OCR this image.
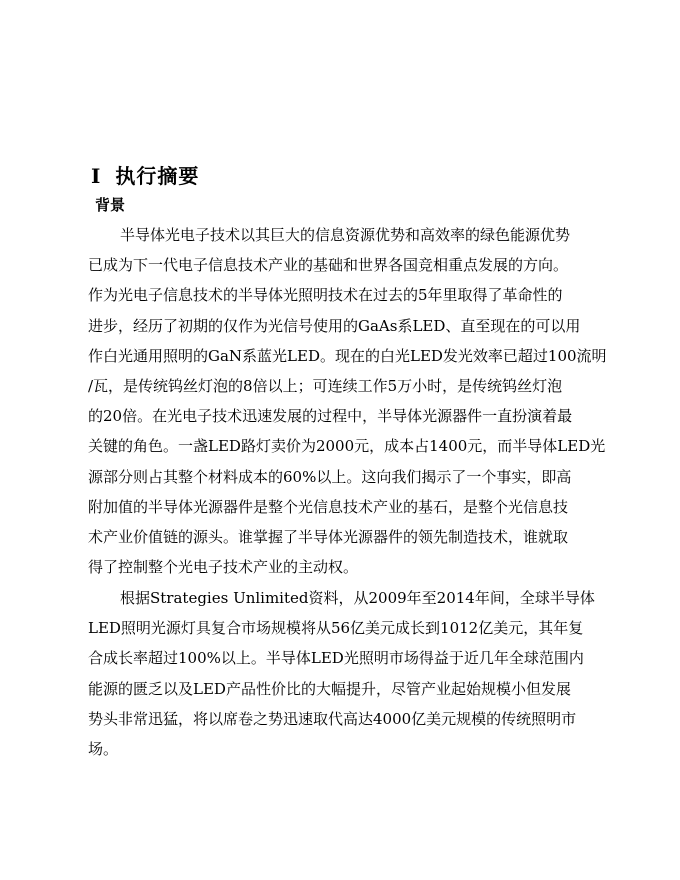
I 执行摘要
背景

半导体光电子技术以其巨大的信息资源优势和高效率的绿色能源优势
已成为下一代电子信息技术产业的基础和世界各国竞相重点发展的方向。
作为光电子信息技术的半导体光照明技术在过去的5年里取得了革命性的
进步，经历了初期的仅作为光信号使用的GaAs系LED、直至现在的可以用
作白光通用照明的GaN系蓝光LED。现在的白光LED发光效率已超过100流明
/瓦，是传统钨丝灯泡的8倍以上；可连续工作5万小时，是传统钨丝灯泡
的20倍。在光电子技术迅速发展的过程中，半导体光源器件一直扮演着最
关键的角色。一盏LED路灯卖价为2000元，成本占1400元，而半导体LED光
源部分则占其整个材料成本的60%以上。这向我们揭示了一个事实，即高
附加值的半导体光源器件是整个光信息技术产业的基石，是整个光信息技
术产业价值链的源头。谁掌握了半导体光源器件的领先制造技术，谁就取
得了控制整个光电子技术产业的主动权。

根据Strategies Unlimited资料，从2009年至2014年间，全球半导体
LED照明光源灯具复合市场规模将从56亿美元成长到1012亿美元，其年复
合成长率超过100%以上。半导体LED光照明市场得益于近几年全球范围内
能源的匮乏以及LED产品性价比的大幅提升，尽管产业起始规模小但发展
势头非常迅猛，将以席卷之势迅速取代高达4000亿美元规模的传统照明市
场。
